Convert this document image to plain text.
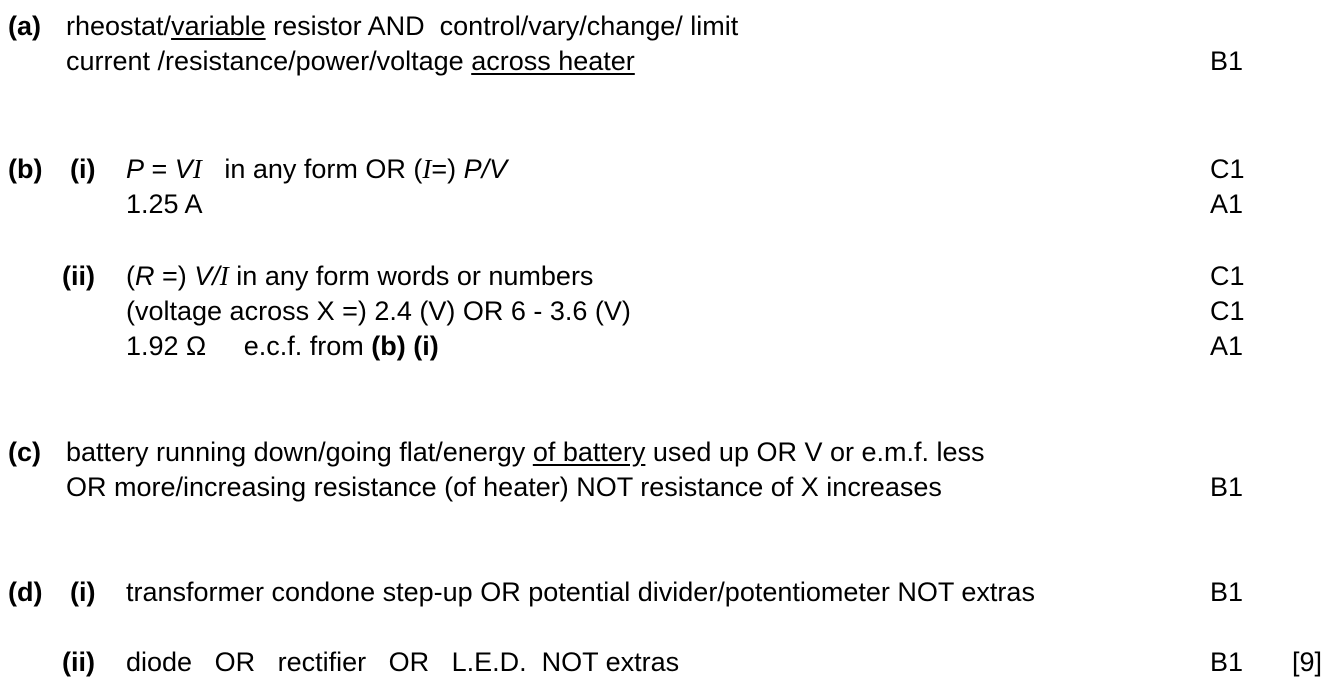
(a) rheostat/variable resistor AND  control/vary/change/ limit
current /resistance/power/voltage across heater	B1
(b) (i) P = VI   in any form OR (I=) P/V	C1
1.25 A	A1
(ii) (R =) V/I in any form words or numbers	C1
(voltage across X =) 2.4 (V) OR 6 - 3.6 (V)	C1
1.92 Ω     e.c.f. from (b) (i)	A1
(c) battery running down/going flat/energy of battery used up OR V or e.m.f. less
OR more/increasing resistance (of heater) NOT resistance of X increases	B1
(d) (i) transformer condone step-up OR potential divider/potentiometer NOT extras	B1
(ii) diode   OR   rectifier   OR   L.E.D.  NOT extras	B1 [9]
